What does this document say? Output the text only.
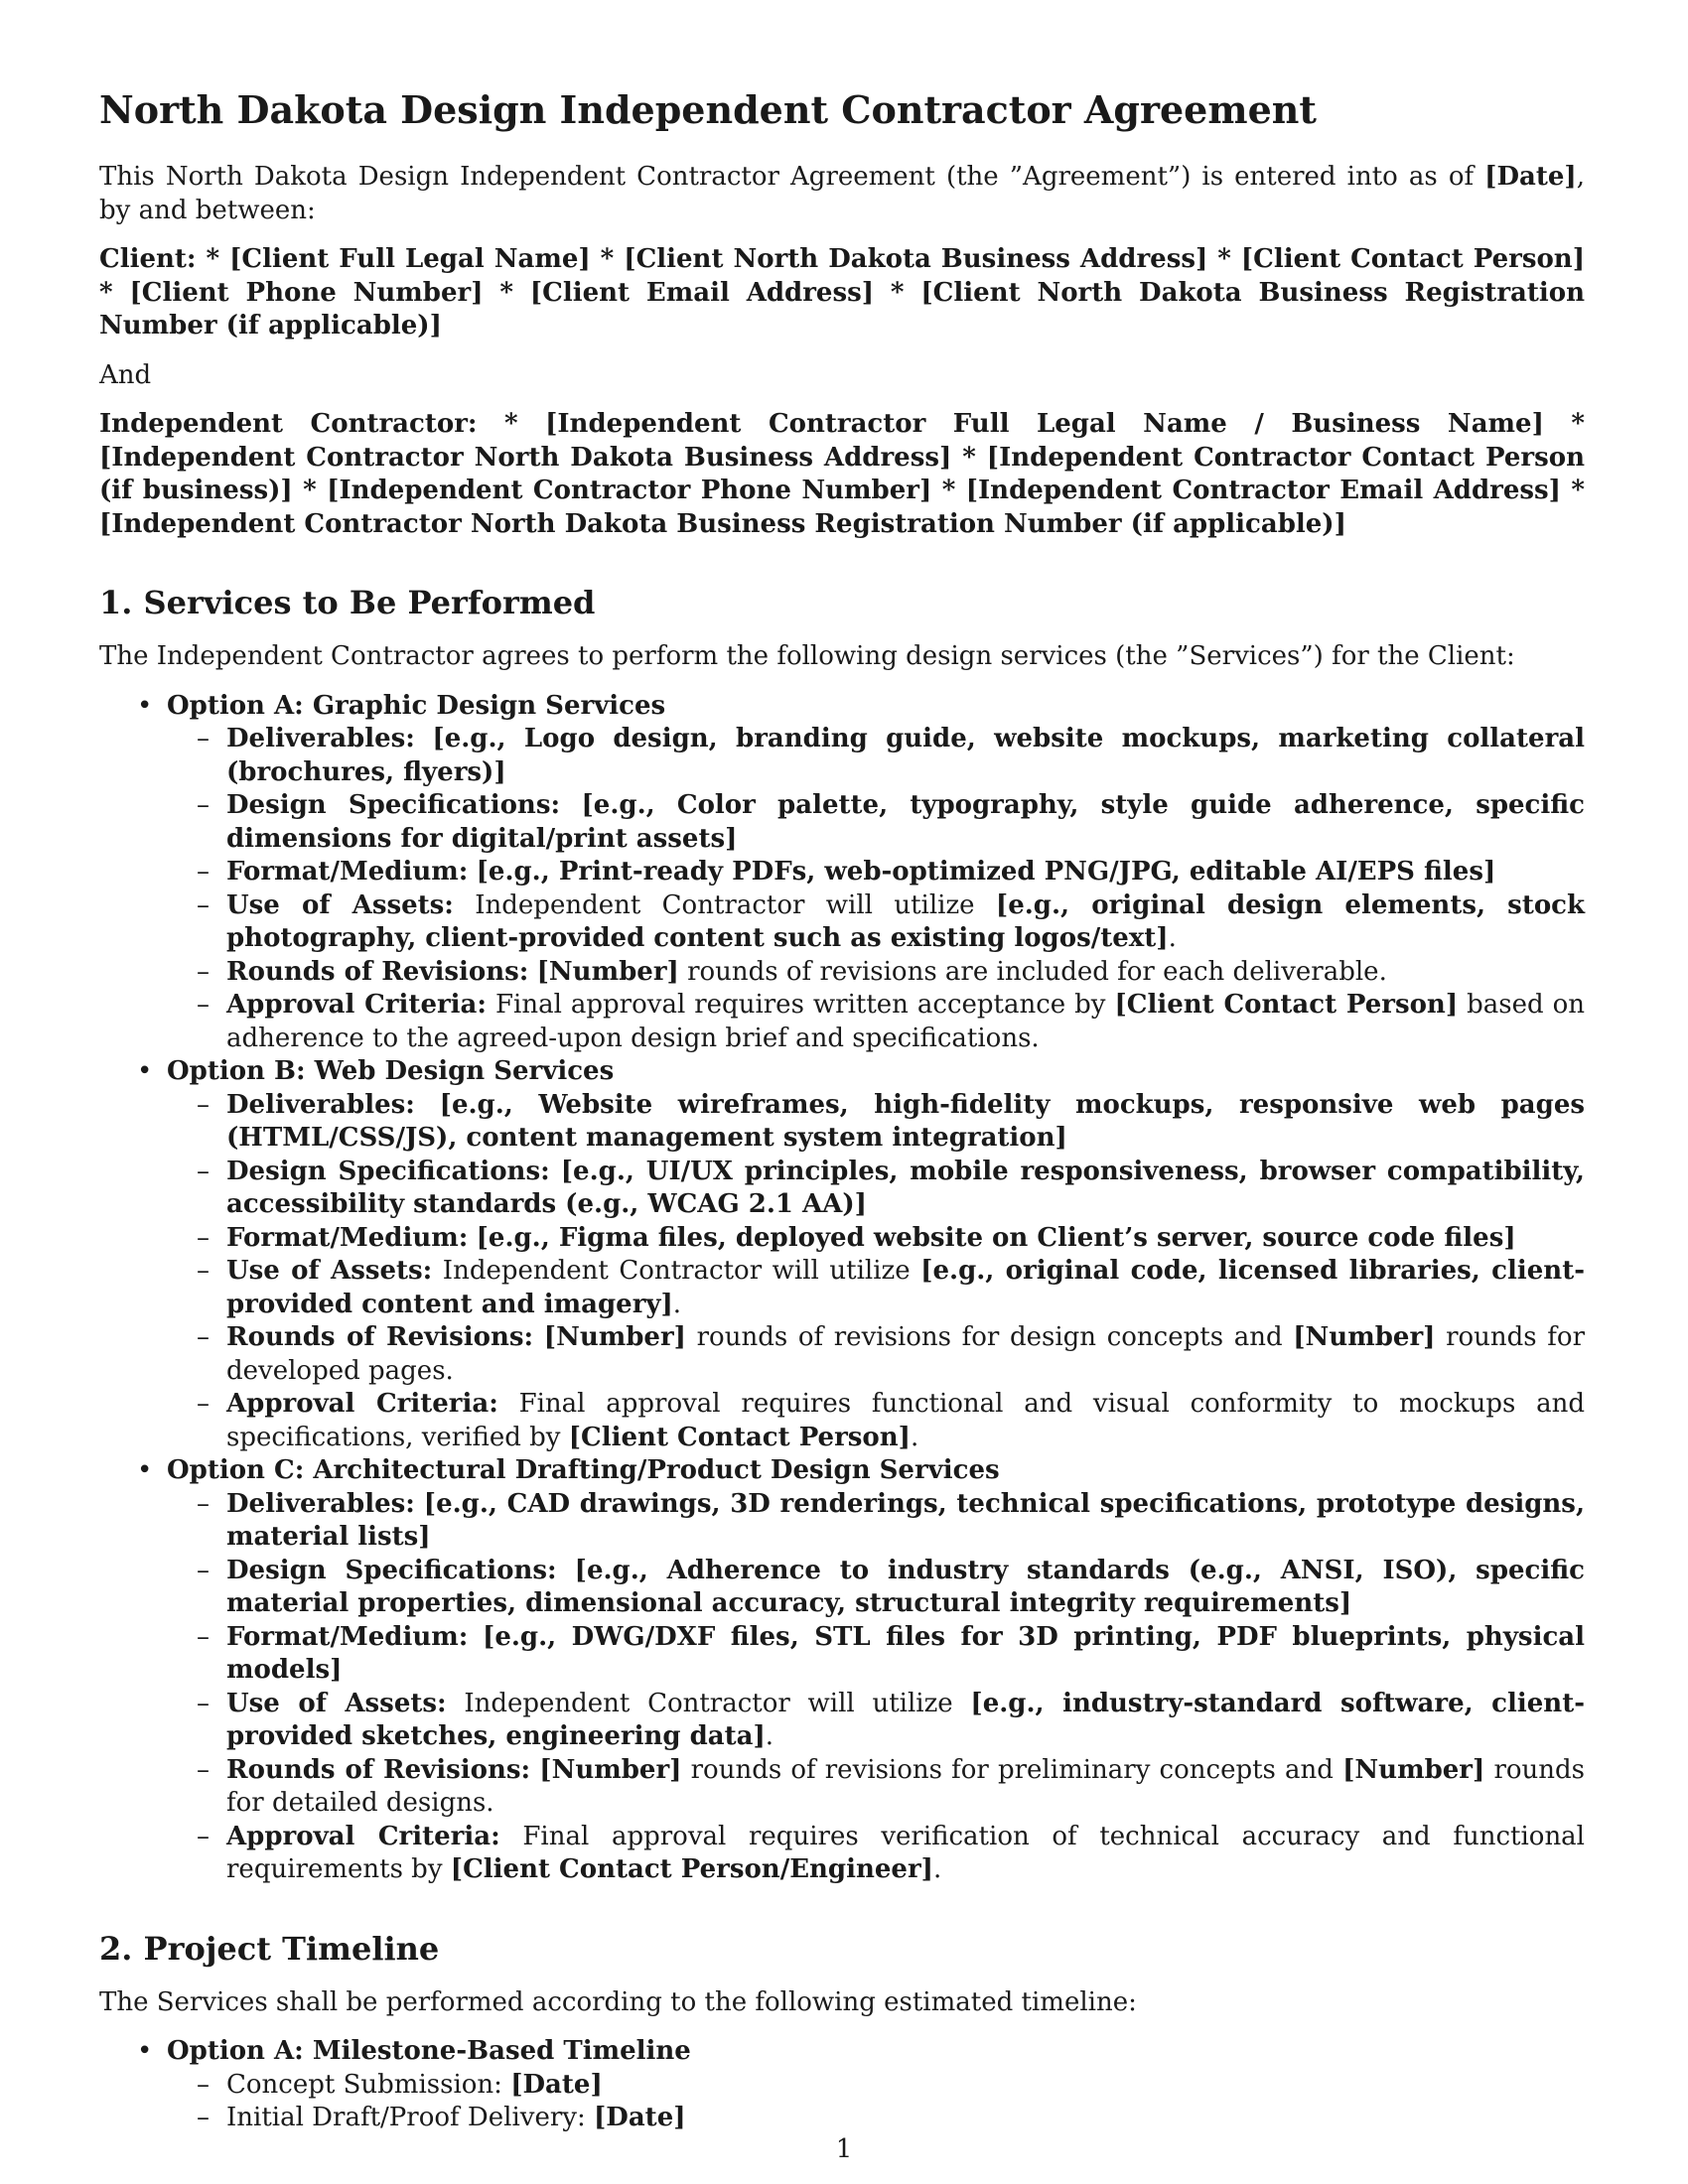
North Dakota Design Independent Contractor Agreement

This North Dakota Design Independent Contractor Agreement (the ”Agreement”) is entered into as of [Date], by and between:

Client: * [Client Full Legal Name] * [Client North Dakota Business Address] * [Client Contact Person] * [Client Phone Number] * [Client Email Address] * [Client North Dakota Business Registration Number (if applicable)]

And

Independent Contractor: * [Independent Contractor Full Legal Name / Business Name] * [Independent Contractor North Dakota Business Address] * [Independent Contractor Contact Person (if business)] * [Independent Contractor Phone Number] * [Independent Contractor Email Address] * [Independent Contractor North Dakota Business Registration Number (if applicable)]

1. Services to Be Performed

The Independent Contractor agrees to perform the following design services (the ”Services”) for the Client:

• Option A: Graphic Design Services
– Deliverables: [e.g., Logo design, branding guide, website mockups, marketing collateral (brochures, flyers)]
– Design Specifications: [e.g., Color palette, typography, style guide adherence, specific dimensions for digital/print assets]
– Format/Medium: [e.g., Print-ready PDFs, web-optimized PNG/JPG, editable AI/EPS files]
– Use of Assets: Independent Contractor will utilize [e.g., original design elements, stock photography, client-provided content such as existing logos/text].
– Rounds of Revisions: [Number] rounds of revisions are included for each deliverable.
– Approval Criteria: Final approval requires written acceptance by [Client Contact Person] based on adherence to the agreed-upon design brief and specifications.
• Option B: Web Design Services
– Deliverables: [e.g., Website wireframes, high-fidelity mockups, responsive web pages (HTML/CSS/JS), content management system integration]
– Design Specifications: [e.g., UI/UX principles, mobile responsiveness, browser compatibility, accessibility standards (e.g., WCAG 2.1 AA)]
– Format/Medium: [e.g., Figma files, deployed website on Client’s server, source code files]
– Use of Assets: Independent Contractor will utilize [e.g., original code, licensed libraries, client-provided content and imagery].
– Rounds of Revisions: [Number] rounds of revisions for design concepts and [Number] rounds for developed pages.
– Approval Criteria: Final approval requires functional and visual conformity to mockups and specifications, verified by [Client Contact Person].
• Option C: Architectural Drafting/Product Design Services
– Deliverables: [e.g., CAD drawings, 3D renderings, technical specifications, prototype designs, material lists]
– Design Specifications: [e.g., Adherence to industry standards (e.g., ANSI, ISO), specific material properties, dimensional accuracy, structural integrity requirements]
– Format/Medium: [e.g., DWG/DXF files, STL files for 3D printing, PDF blueprints, physical models]
– Use of Assets: Independent Contractor will utilize [e.g., industry-standard software, client-provided sketches, engineering data].
– Rounds of Revisions: [Number] rounds of revisions for preliminary concepts and [Number] rounds for detailed designs.
– Approval Criteria: Final approval requires verification of technical accuracy and functional requirements by [Client Contact Person/Engineer].
2. Project Timeline

The Services shall be performed according to the following estimated timeline:

• Option A: Milestone-Based Timeline
– Concept Submission: [Date]
– Initial Draft/Proof Delivery: [Date]
1
